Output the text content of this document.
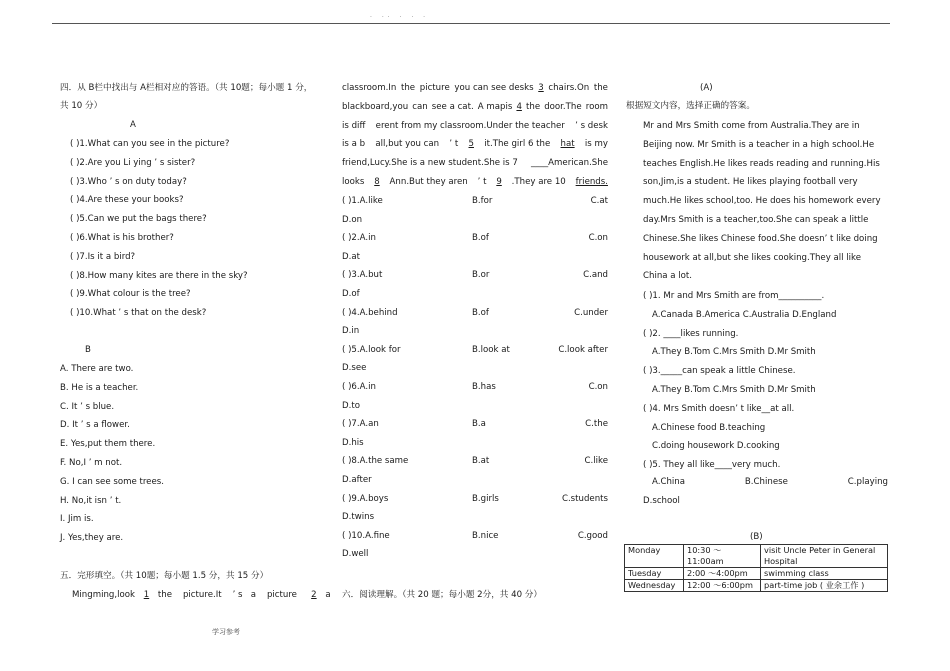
· ·· · · ·
四．从 B栏中找出与 A栏相对应的答语。（共 10题；每小题 1 分，
共 10 分）
A
( )1.What can you see in the picture?
( )2.Are you Li ying ’ s sister?
( )3.Who ’ s on duty today?
( )4.Are these your books?
( )5.Can we put the bags there?
( )6.What is his brother?
( )7.Is it a bird?
( )8.How many kites are there in the sky?
( )9.What colour is the tree?
( )10.What ’ s that on the desk?
B
A. There are two.
B. He is a teacher.
C. It ’ s blue.
D. It ’ s a flower.
E. Yes,put them there.
F. No,I ’ m not.
G. I can see some trees.
H. No,it isn ’ t.
I. Jim is.
J. Yes,they are.
五．完形填空。（共 10题；每小题 1.5 分，共 15 分）
Mingming,look 1 the picture.It ’ s a picture 2 a
学习参考
classroom.In the picture you can see desks 3 chairs.On the
blackboard,you can see a cat. A mapis 4 the door.The room
is diff erent from my classroom.Under the teacher ’ s desk
is a b all,but you can ’ t 5 it.The girl 6 the hat is my
friend,Lucy.She is a new student.She is 7 ____American.She
looks 8 Ann.But they aren ’ t 9 .They are 10 friends.
( )1.A.like	B.for	C.at
D.on
( )2.A.in	B.of	C.on
D.at
( )3.A.but	B.or	C.and
D.of
( )4.A.behind	B.of	C.under
D.in
( )5.A.look for	B.look at	C.look after
D.see
( )6.A.in	B.has	C.on
D.to
( )7.A.an	B.a	C.the
D.his
( )8.A.the same	B.at	C.like
D.after
( )9.A.boys	B.girls	C.students
D.twins
( )10.A.fine	B.nice	C.good
D.well
六．阅读理解。（共 20 题；每小题 2分，共 40 分）
(A)
根据短文内容，选择正确的答案。
Mr and Mrs Smith come from Australia.They are in
Beijing now. Mr Smith is a teacher in a high school.He
teaches English.He likes reads reading and running.His
son,Jim,is a student. He likes playing football very
much.He likes school,too. He does his homework every
day.Mrs Smith is a teacher,too.She can speak a little
Chinese.She likes Chinese food.She doesn’ t like doing
housework at all,but she likes cooking.They all like
China a lot.
( )1. Mr and Mrs Smith are from__________.
A.Canada B.America C.Australia D.England
( )2. ____likes running.
A.They B.Tom C.Mrs Smith D.Mr Smith
( )3._____can speak a little Chinese.
A.They B.Tom C.Mrs Smith D.Mr Smith
( )4. Mrs Smith doesn’ t like__at all.
A.Chinese food B.teaching
C.doing housework D.cooking
( )5. They all like____very much.
A.China	B.Chinese	C.playing
D.school
(B)
Monday	10:30 ～11:00am	visit Uncle Peter in General Hospital
Tuesday	2:00 ～4:00pm	swimming class
Wednesday	12:00 ～6:00pm	part-time job ( 业余工作 )
